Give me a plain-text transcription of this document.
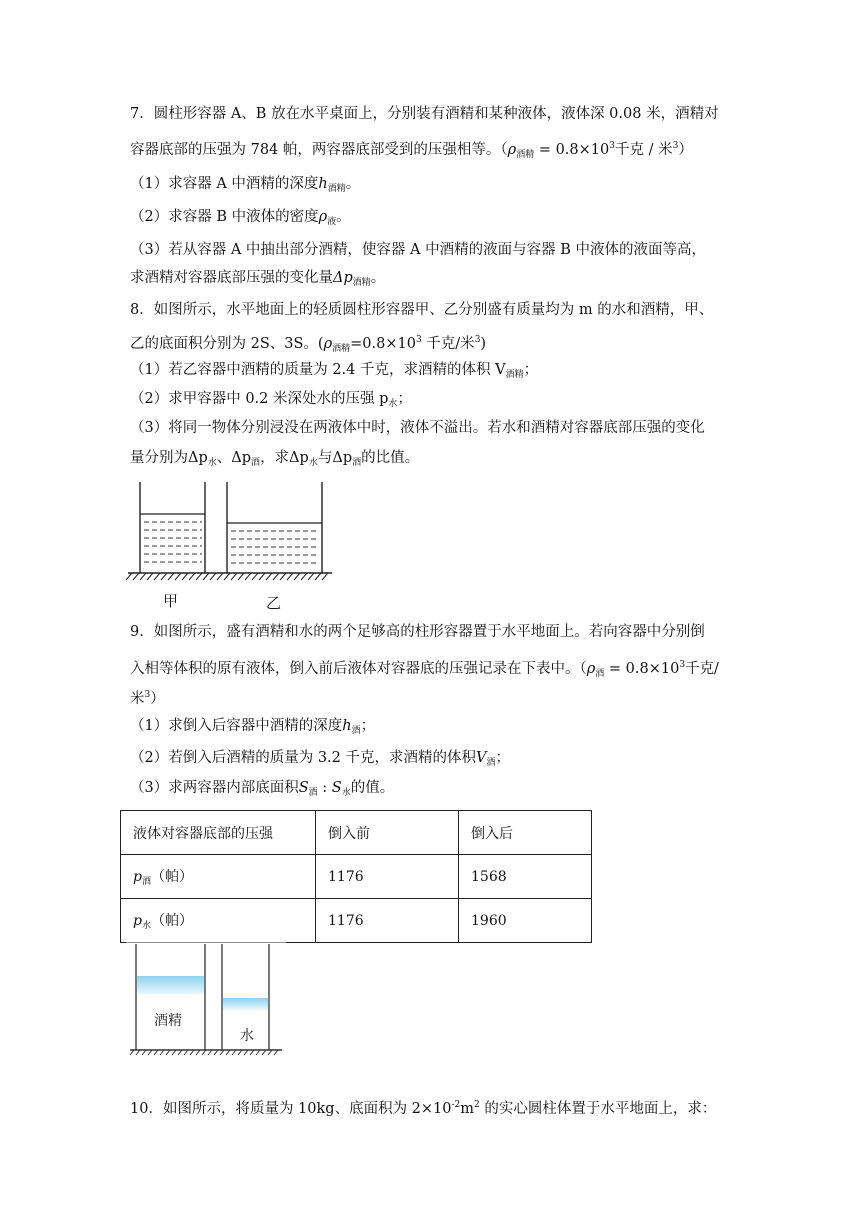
7．圆柱形容器 A、B 放在水平桌面上，分别装有酒精和某种液体，液体深 0.08 米，酒精对
容器底部的压强为 784 帕，两容器底部受到的压强相等。（$\rho_{酒精} = 0.8\times 10^3$千克 / 米$^3$）
（1）求容器 A 中酒精的深度$h_{酒精}$。
（2）求容器 B 中液体的密度$\rho_液$。
（3）若从容器 A 中抽出部分酒精，使容器 A 中酒精的液面与容器 B 中液体的液面等高，
求酒精对容器底部压强的变化量$\Delta p_{酒精}$。
8．如图所示，水平地面上的轻质圆柱形容器甲、乙分别盛有质量均为 m 的水和酒精，甲、
乙的底面积分别为 2S、3S。($\rho_{酒精}=0.8\times 10^3$ 千克/米$^3$)
（1）若乙容器中酒精的质量为 2.4 千克，求酒精的体积 $V_{酒精}$；
（2）求甲容器中 0.2 米深处水的压强 $p_水$；
（3）将同一物体分别浸没在两液体中时，液体不溢出。若水和酒精对容器底部压强的变化
量分别为$\Delta p_水$、$\Delta p_酒$，求$\Delta p_水$与$\Delta p_酒$的比值。
甲	乙
9．如图所示，盛有酒精和水的两个足够高的柱形容器置于水平地面上。若向容器中分别倒
入相等体积的原有液体，倒入前后液体对容器底的压强记录在下表中。（$\rho_酒 = 0.8\times 10^3$千克/
米$^3$）
（1）求倒入后容器中酒精的深度$h_酒$；
（2）若倒入后酒精的质量为 3.2 千克，求酒精的体积$V_酒$；
（3）求两容器内部底面积$S_酒$ : $S_水$的值。
液体对容器底部的压强	倒入前	倒入后
$p_酒$（帕）	1176	1568
$p_水$（帕）	1176	1960
酒精
水
10．如图所示，将质量为 10kg、底面积为 $2\times 10^{-2}m^2$ 的实心圆柱体置于水平地面上，求：
